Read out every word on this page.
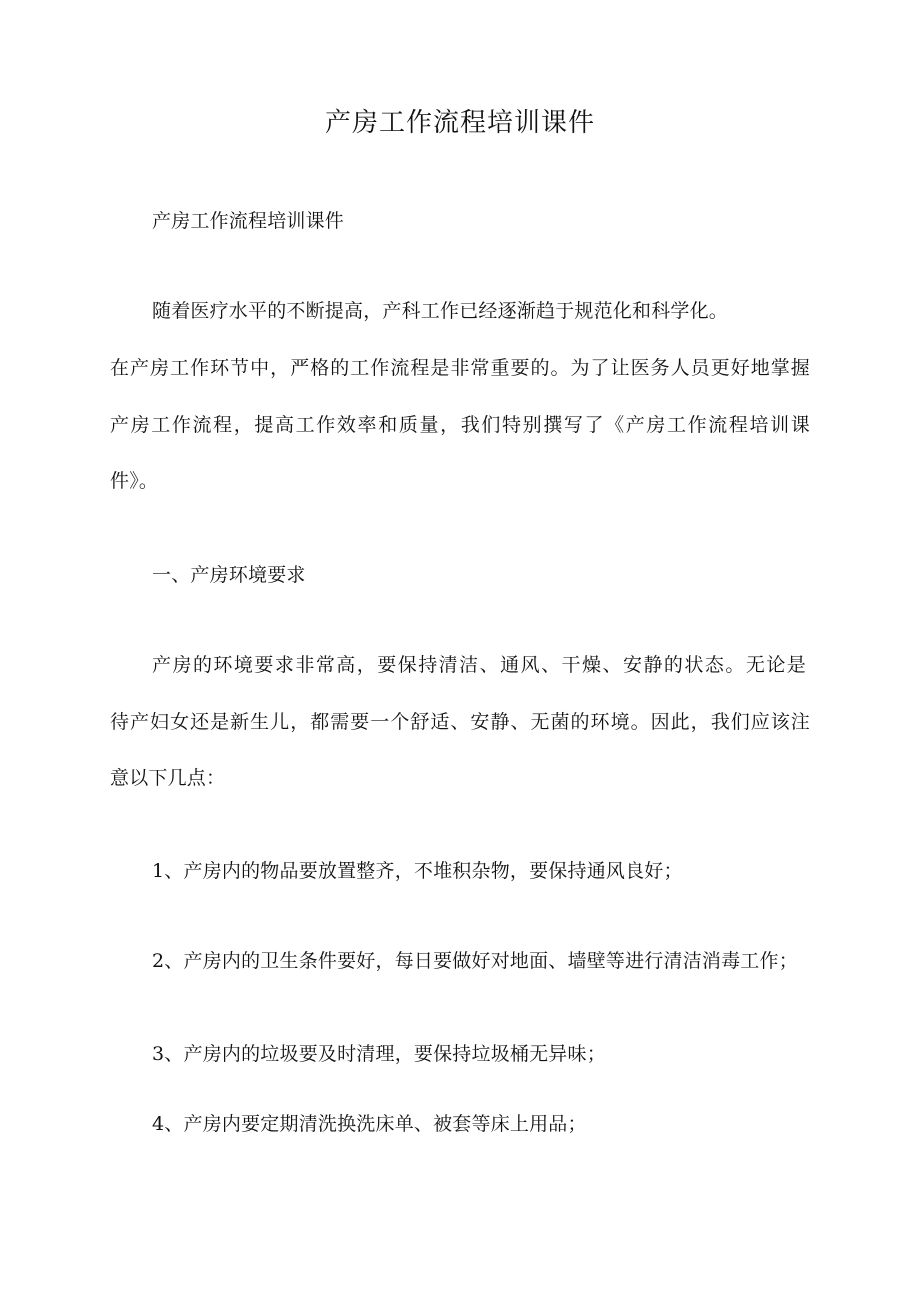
产房工作流程培训课件
产房工作流程培训课件
随着医疗水平的不断提高，产科工作已经逐渐趋于规范化和科学化。
在产房工作环节中，严格的工作流程是非常重要的。为了让医务人员更好地掌握
产房工作流程，提高工作效率和质量，我们特别撰写了《产房工作流程培训课
件》。
一、产房环境要求
产房的环境要求非常高，要保持清洁、通风、干燥、安静的状态。无论是
待产妇女还是新生儿，都需要一个舒适、安静、无菌的环境。因此，我们应该注
意以下几点：
1、产房内的物品要放置整齐，不堆积杂物，要保持通风良好；
2、产房内的卫生条件要好，每日要做好对地面、墙壁等进行清洁消毒工作；
3、产房内的垃圾要及时清理，要保持垃圾桶无异味；
4、产房内要定期清洗换洗床单、被套等床上用品；
